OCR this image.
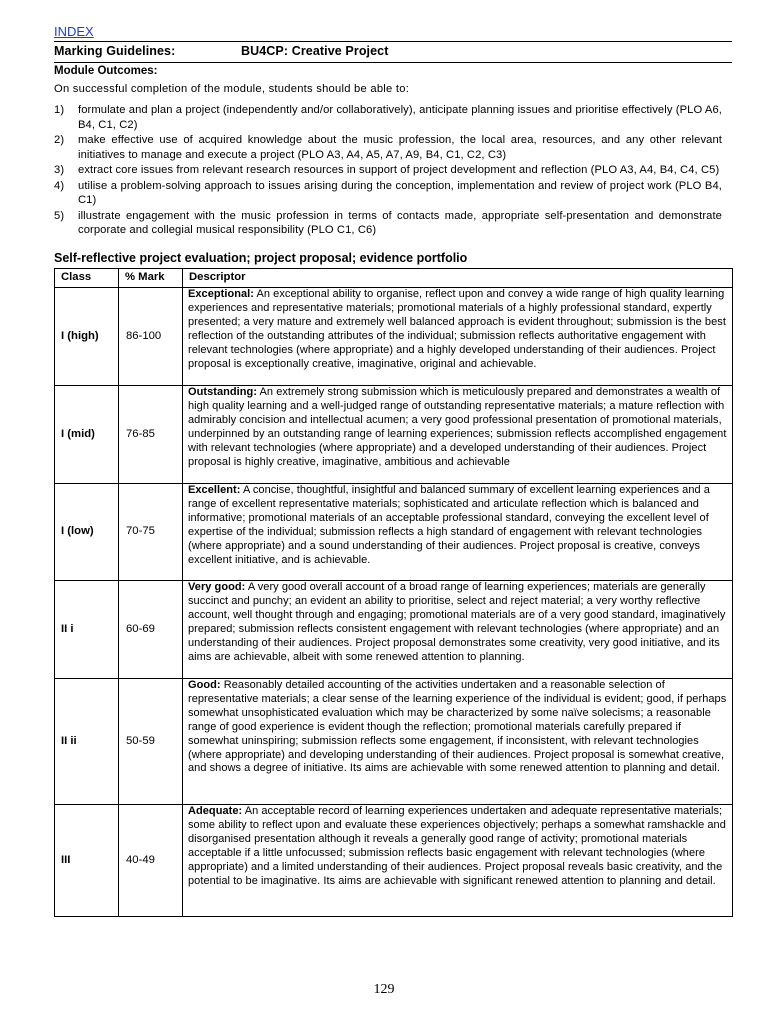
INDEX
Marking Guidelines:	BU4CP: Creative Project
Module Outcomes:
On successful completion of the module, students should be able to:
1) formulate and plan a project (independently and/or collaboratively), anticipate planning issues and prioritise effectively (PLO A6, B4, C1, C2)
2) make effective use of acquired knowledge about the music profession, the local area, resources, and any other relevant initiatives to manage and execute a project (PLO A3, A4, A5, A7, A9, B4, C1, C2, C3)
3) extract core issues from relevant research resources in support of project development and reflection (PLO A3, A4, B4, C4, C5)
4) utilise a problem-solving approach to issues arising during the conception, implementation and review of project work (PLO B4, C1)
5) illustrate engagement with the music profession in terms of contacts made, appropriate self-presentation and demonstrate corporate and collegial musical responsibility (PLO C1, C6)
Self-reflective project evaluation; project proposal; evidence portfolio
Class	% Mark	Descriptor
I (high)	86-100	Exceptional: An exceptional ability to organise, reflect upon and convey a wide range of high quality learning experiences and representative materials; promotional materials of a highly professional standard, expertly presented; a very mature and extremely well balanced approach is evident throughout; submission is the best reflection of the outstanding attributes of the individual; submission reflects authoritative engagement with relevant technologies (where appropriate) and a highly developed understanding of their audiences. Project proposal is exceptionally creative, imaginative, original and achievable.
I (mid)	76-85	Outstanding: An extremely strong submission which is meticulously prepared and demonstrates a wealth of high quality learning and a well-judged range of outstanding representative materials; a mature reflection with admirably concision and intellectual acumen; a very good professional presentation of promotional materials, underpinned by an outstanding range of learning experiences; submission reflects accomplished engagement with relevant technologies (where appropriate) and a developed understanding of their audiences. Project proposal is highly creative, imaginative, ambitious and achievable
I (low)	70-75	Excellent: A concise, thoughtful, insightful and balanced summary of excellent learning experiences and a range of excellent representative materials; sophisticated and articulate reflection which is balanced and informative; promotional materials of an acceptable professional standard, conveying the excellent level of expertise of the individual; submission reflects a high standard of engagement with relevant technologies (where appropriate) and a sound understanding of their audiences. Project proposal is creative, conveys excellent initiative, and is achievable.
II i	60-69	Very good: A very good overall account of a broad range of learning experiences; materials are generally succinct and punchy; an evident an ability to prioritise, select and reject material; a very worthy reflective account, well thought through and engaging; promotional materials are of a very good standard, imaginatively prepared; submission reflects consistent engagement with relevant technologies (where appropriate) and an understanding of their audiences. Project proposal demonstrates some creativity, very good initiative, and its aims are achievable, albeit with some renewed attention to planning.
II ii	50-59	Good: Reasonably detailed accounting of the activities undertaken and a reasonable selection of representative materials; a clear sense of the learning experience of the individual is evident; good, if perhaps somewhat unsophisticated evaluation which may be characterized by some naïve solecisms; a reasonable range of good experience is evident though the reflection; promotional materials carefully prepared if somewhat uninspiring; submission reflects some engagement, if inconsistent, with relevant technologies (where appropriate) and developing understanding of their audiences. Project proposal is somewhat creative, and shows a degree of initiative. Its aims are achievable with some renewed attention to planning and detail.
III	40-49	Adequate: An acceptable record of learning experiences undertaken and adequate representative materials; some ability to reflect upon and evaluate these experiences objectively; perhaps a somewhat ramshackle and disorganised presentation although it reveals a generally good range of activity; promotional materials acceptable if a little unfocussed; submission reflects basic engagement with relevant technologies (where appropriate) and a limited understanding of their audiences. Project proposal reveals basic creativity, and the potential to be imaginative. Its aims are achievable with significant renewed attention to planning and detail.
129
